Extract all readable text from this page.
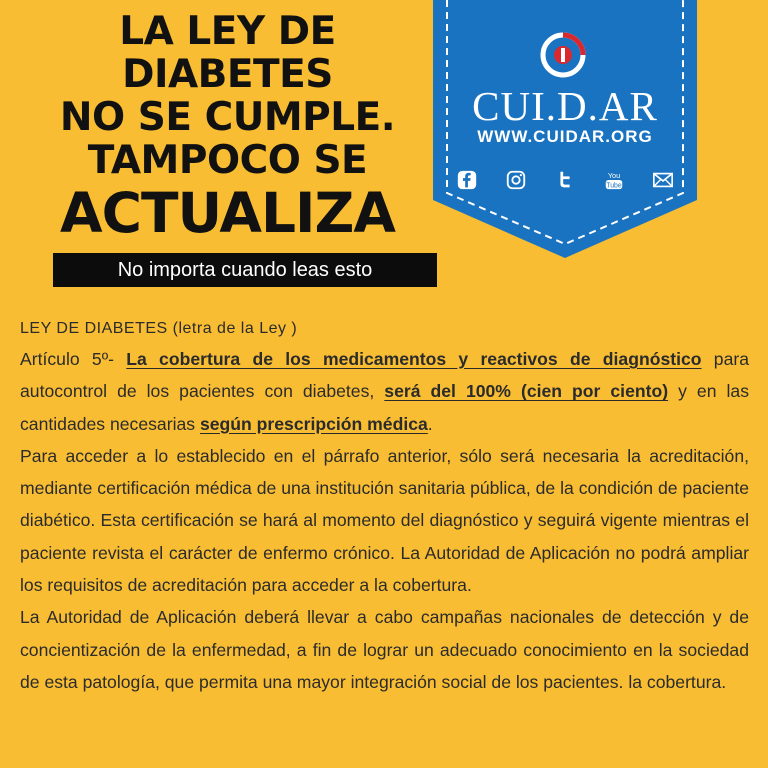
LA LEY DE
DIABETES
NO SE CUMPLE.
TAMPOCO SE
ACTUALIZA
No importa cuando leas esto
CUI.D.AR
WWW.CUIDAR.ORG
You
Tube

LEY DE DIABETES (letra de la Ley )

Artículo 5º- La cobertura de los medicamentos y reactivos de diagnóstico para autocontrol de los pacientes con diabetes, será del 100% (cien por ciento) y en las cantidades necesarias según prescripción médica.

Para acceder a lo establecido en el párrafo anterior, sólo será necesaria la acreditación, mediante certificación médica de una institución sanitaria pública, de la condición de paciente diabético. Esta certificación se hará al momento del diagnóstico y seguirá vigente mientras el paciente revista el carácter de enfermo crónico. La Autoridad de Aplicación no podrá ampliar los requisitos de acreditación para acceder a la cobertura.

La Autoridad de Aplicación deberá llevar a cabo campañas nacionales de detección y de concientización de la enfermedad, a fin de lograr un adecuado conocimiento en la sociedad de esta patología, que permita una mayor integración social de los pacientes. la cobertura.
